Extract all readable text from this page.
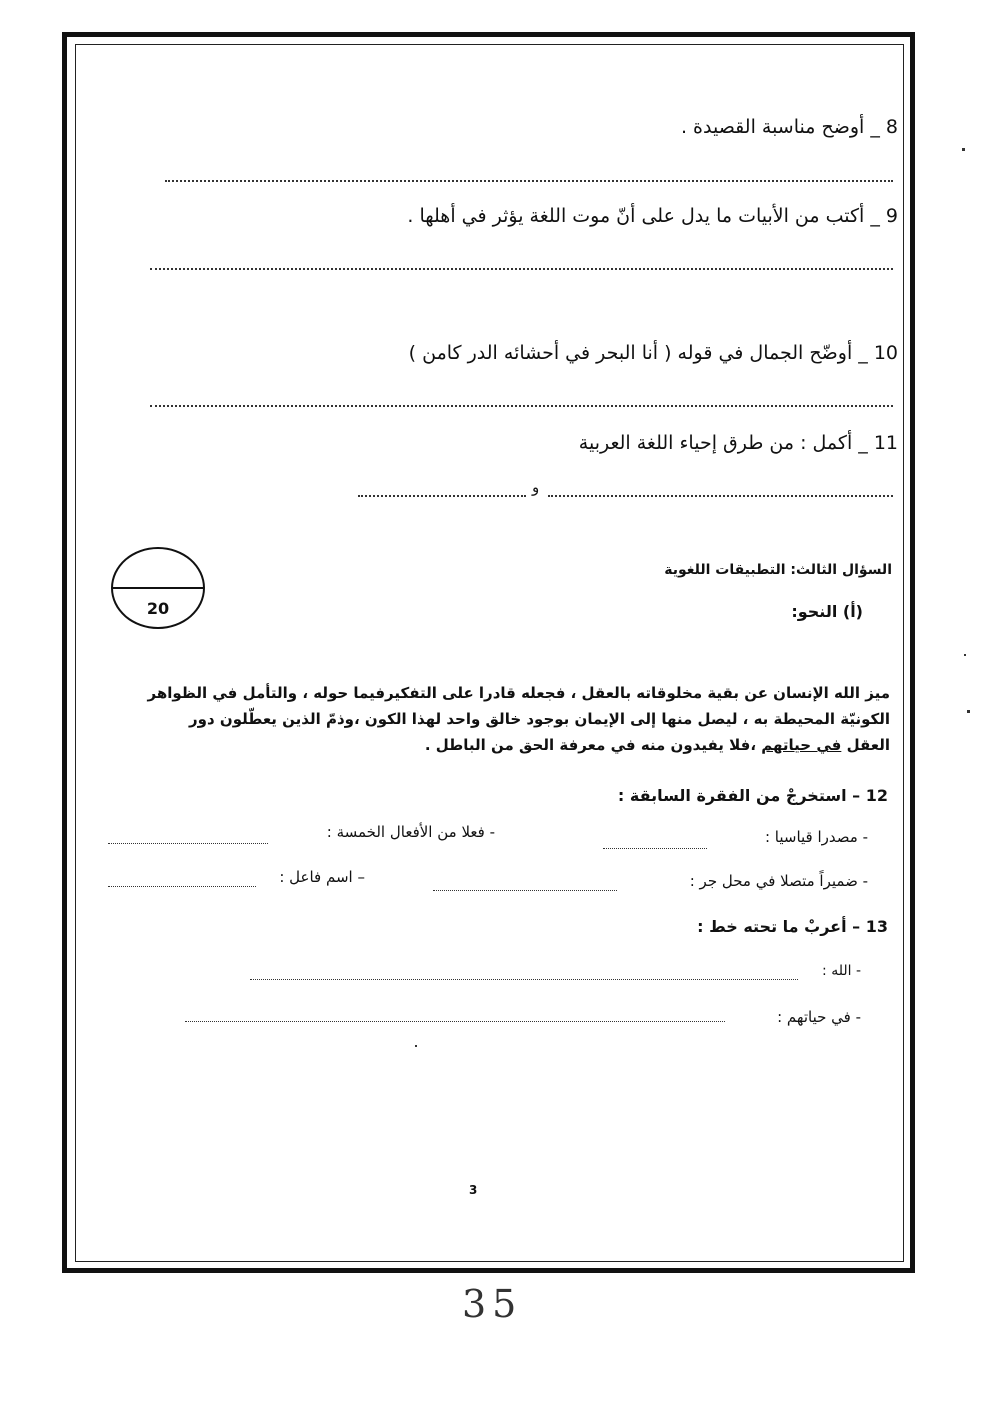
8 _ أوضح مناسبة القصيدة .
9 _ أكتب من الأبيات ما يدل على أنّ موت اللغة يؤثر في أهلها .
10 _ أوضّح الجمال في قوله ( أنا البحر في أحشائه الدر كامن )
11 _ أكمل : من طرق إحياء اللغة العربية
و
السؤال الثالث: التطبيقات اللغوية
(أ) النحو:
20
ميز الله الإنسان عن بقية مخلوقاته بالعقل ، فجعله قادرا على التفكيرفيما حوله ، والتأمل في الظواهر
الكونيّة المحيطة به ، ليصل منها إلى الإيمان بوجود خالق واحد لهذا الكون ،وذمّ الذين يعطّلون دور
العقل في حياتهم ،فلا يفيدون منه في معرفة الحق من الباطل .
12 – استخرجْ من الفقرة السابقة :
- مصدرا قياسيا :
- فعلا من الأفعال الخمسة :
- ضميراً متصلا في محل جر :
– اسم فاعل :
13 – أعربْ ما تحته خط :
- الله :
- في حياتهم :
3
35
